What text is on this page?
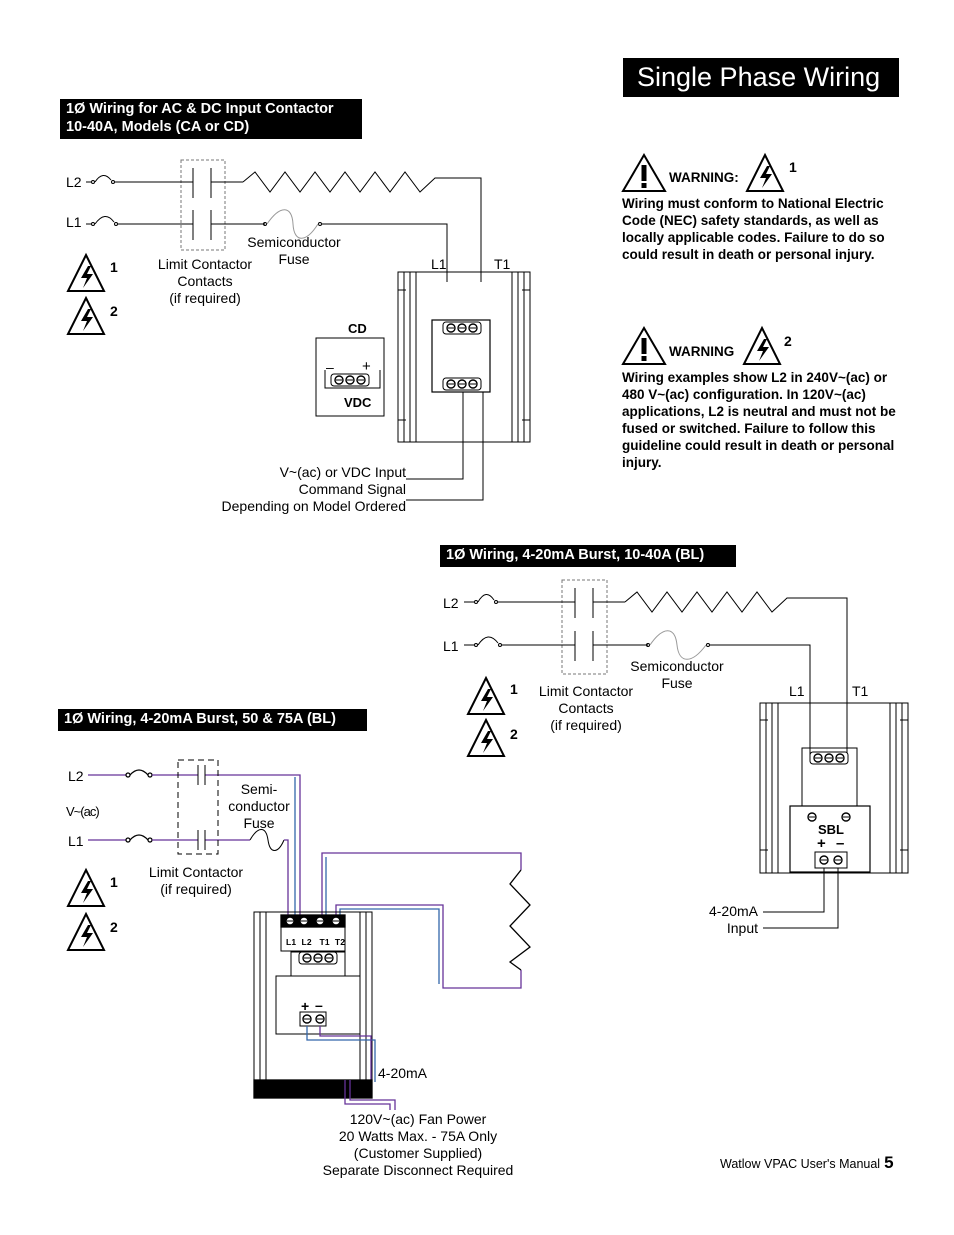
Single Phase Wiring
1Ø Wiring for AC & DC Input Contactor
10-40A, Models (CA or CD)
L2
L1
1
2
Semiconductor
Fuse
Limit Contactor
Contacts
(if required)
L1	T1
CD
– +
VDC
V~(ac) or VDC Input
Command Signal
Depending on Model Ordered
WARNING:
1
Wiring must conform to National Electric Code (NEC) safety standards, as well as locally applicable codes. Failure to do so could result in death or personal injury.
WARNING
2
Wiring examples show L2 in 240V~(ac) or 480 V~(ac) configuration. In 120V~(ac) applications, L2 is neutral and must not be fused or switched. Failure to follow this guideline could result in death or personal injury.
1Ø Wiring, 4-20mA Burst, 10-40A (BL)
L2
L1
1
2
Semiconductor
Fuse
Limit Contactor
Contacts
(if required)
L1	T1
SBL
+ –
4-20mA
Input
1Ø Wiring, 4-20mA Burst, 50 & 75A (BL)
L2
V~(ac)
L1
1
2
Semi-
conductor
Fuse
Limit Contactor
(if required)
L1  L2   T1  T2
+ –
4-20mA
120V~(ac) Fan Power
20 Watts Max. - 75A Only
(Customer Supplied)
Separate Disconnect Required	Watlow VPAC User's Manual 5
